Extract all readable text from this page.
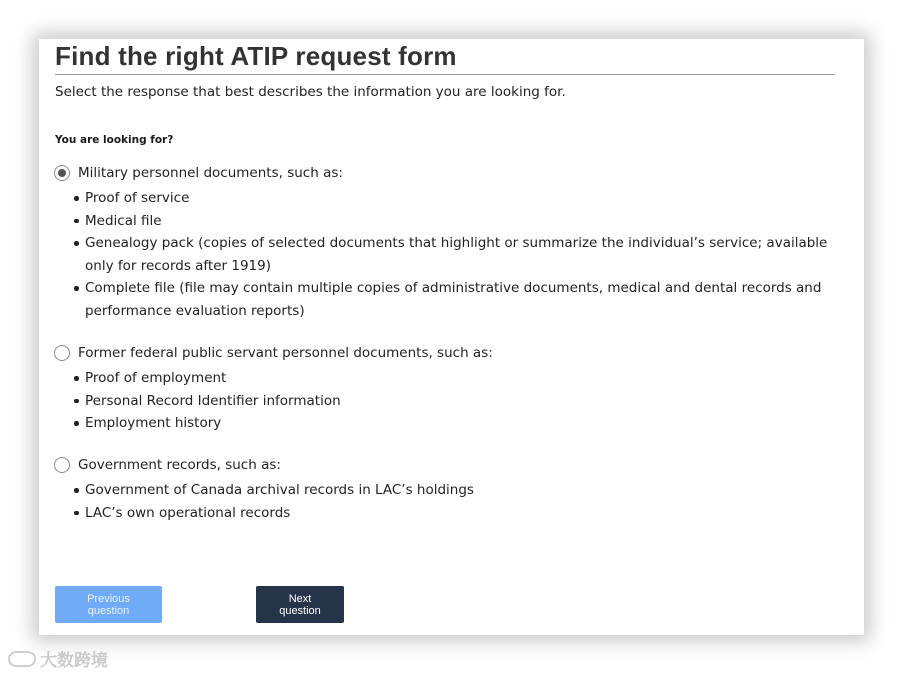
Find the right ATIP request form
Select the response that best describes the information you are looking for.
You are looking for?
Military personnel documents, such as:
Proof of service
Medical file
Genealogy pack (copies of selected documents that highlight or summarize the individual’s service; available only for records after 1919)
Complete file (file may contain multiple copies of administrative documents, medical and dental records and performance evaluation reports)
Former federal public servant personnel documents, such as:
Proof of employment
Personal Record Identifier information
Employment history
Government records, such as:
Government of Canada archival records in LAC’s holdings
LAC’s own operational records
Previous question
Next question
大数跨境
